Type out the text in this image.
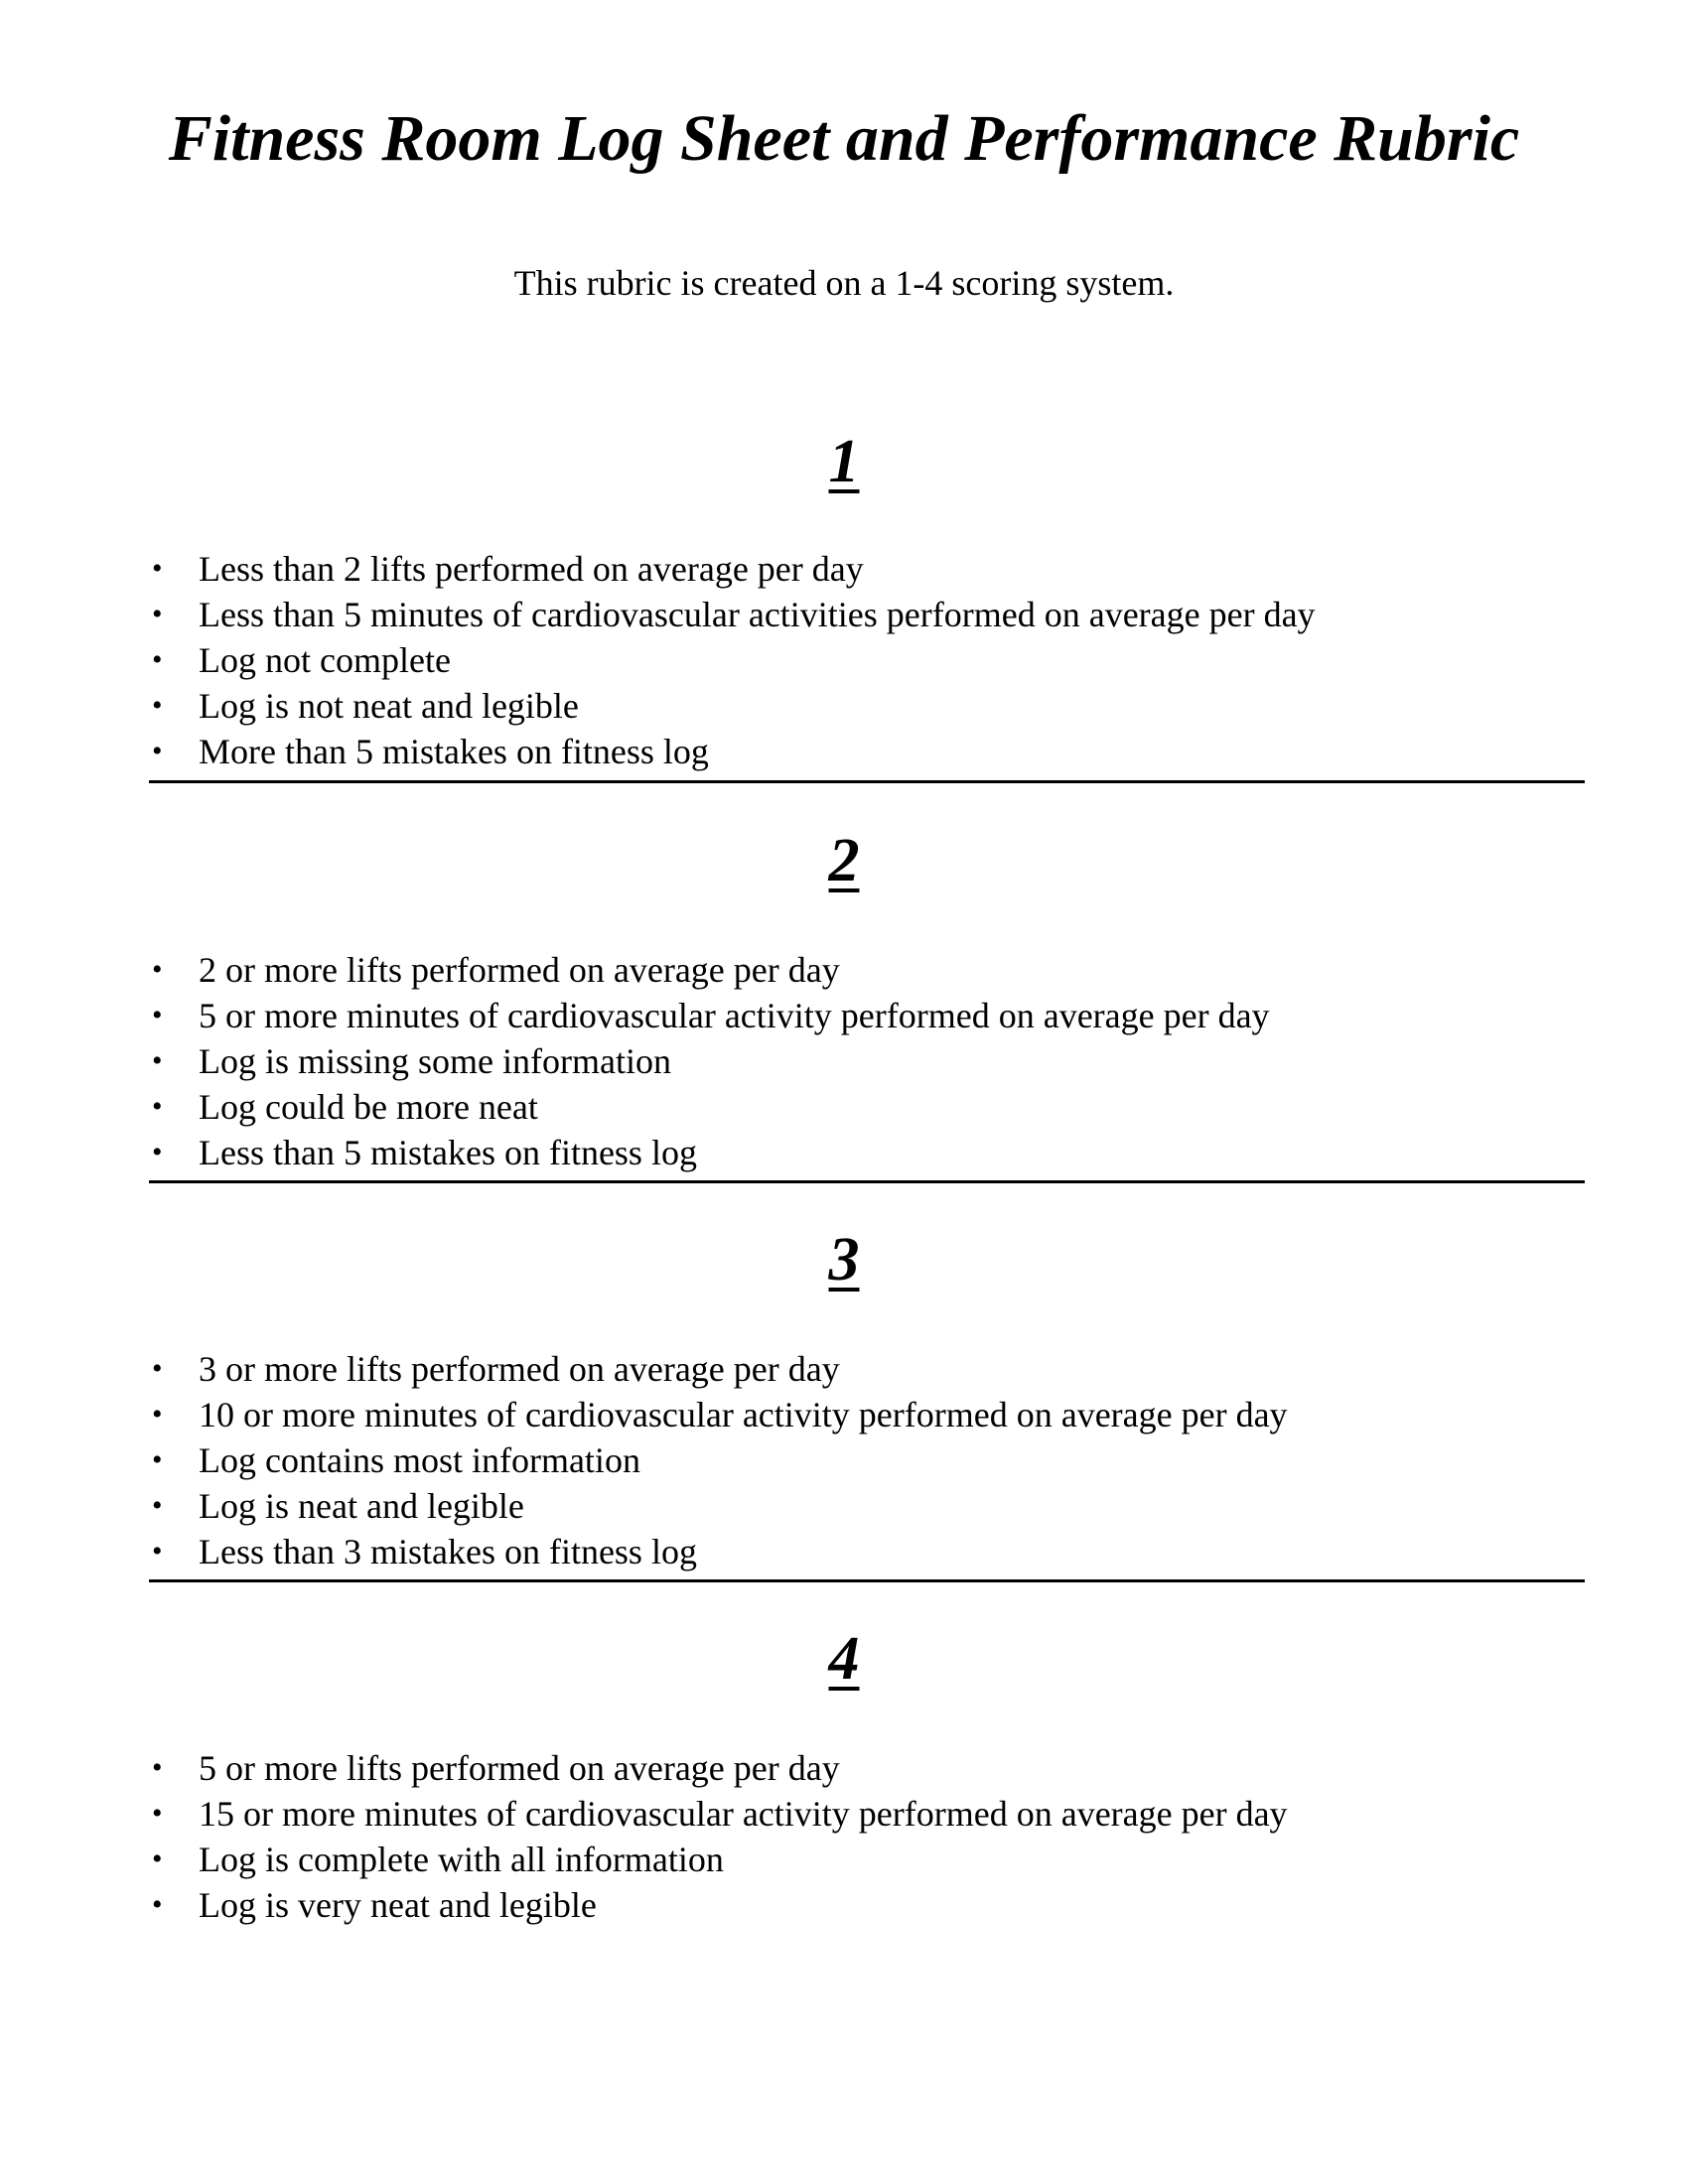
Fitness Room Log Sheet and Performance Rubric

This rubric is created on a 1-4 scoring system.

1
• Less than 2 lifts performed on average per day
• Less than 5 minutes of cardiovascular activities performed on average per day
• Log not complete
• Log is not neat and legible
• More than 5 mistakes on fitness log
2
• 2 or more lifts performed on average per day
• 5 or more minutes of cardiovascular activity performed on average per day
• Log is missing some information
• Log could be more neat
• Less than 5 mistakes on fitness log
3
• 3 or more lifts performed on average per day
• 10 or more minutes of cardiovascular activity performed on average per day
• Log contains most information
• Log is neat and legible
• Less than 3 mistakes on fitness log
4
• 5 or more lifts performed on average per day
• 15 or more minutes of cardiovascular activity performed on average per day
• Log is complete with all information
• Log is very neat and legible
